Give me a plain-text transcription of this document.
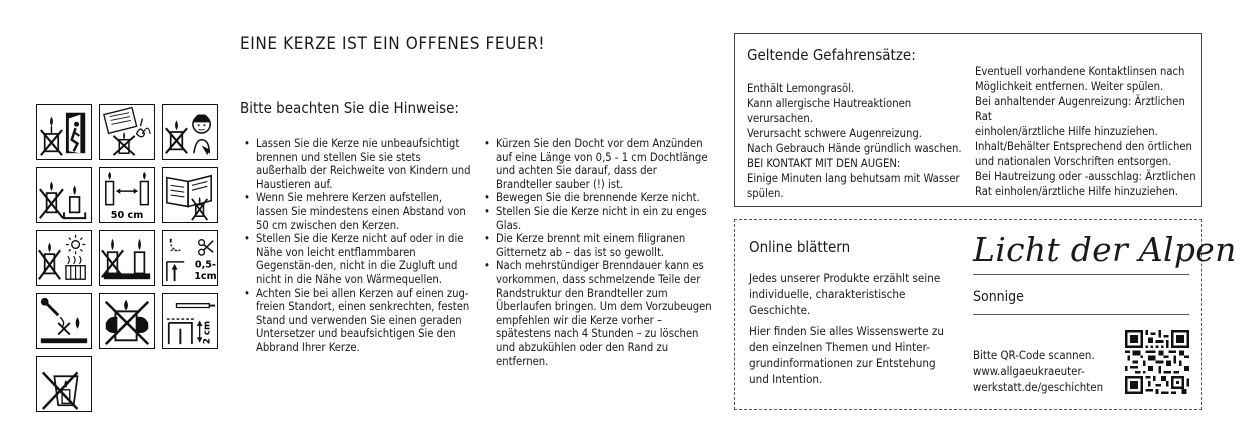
EINE KERZE IST EIN OFFENES FEUER!
50 cm
0,5-
1cm
2 cm
Bitte beachten Sie die Hinweise:
• Lassen Sie die Kerze nie unbeaufsichtigt brennen und stellen Sie sie stets außerhalb der Reichweite von Kindern und Haustieren auf.
• Wenn Sie mehrere Kerzen aufstellen, lassen Sie mindestens einen Abstand von 50 cm zwischen den Kerzen.
• Stellen Sie die Kerze nicht auf oder in die Nähe von leicht entflammbaren Gegenstän-den, nicht in die Zugluft und nicht in die Nähe von Wärmequellen.
• Achten Sie bei allen Kerzen auf einen zug-freien Standort, einen senkrechten, festen Stand und verwenden Sie einen geraden Untersetzer und beaufsichtigen Sie den Abbrand Ihrer Kerze.
• Kürzen Sie den Docht vor dem Anzünden auf eine Länge von 0,5 - 1 cm Dochtlänge und achten Sie darauf, dass der Brandteller sauber (!) ist.
• Bewegen Sie die brennende Kerze nicht.
• Stellen Sie die Kerze nicht in ein zu enges Glas.
• Die Kerze brennt mit einem filigranen Gitternetz ab – das ist so gewollt.
• Nach mehrstündiger Brenndauer kann es vorkommen, dass schmelzende Teile der Randstruktur den Brandteller zum Überlaufen bringen. Um dem Vorzubeugen empfehlen wir die Kerze vorher – spätestens nach 4 Stunden – zu löschen und abzukühlen oder den Rand zu entfernen.
Geltende Gefahrensätze:
Enthält Lemongrasöl.
Kann allergische Hautreaktionen verursachen.
Verursacht schwere Augenreizung.
Nach Gebrauch Hände gründlich waschen.
BEI KONTAKT MIT DEN AUGEN:
Einige Minuten lang behutsam mit Wasser
spülen.
Eventuell vorhandene Kontaktlinsen nach
Möglichkeit entfernen. Weiter spülen.
Bei anhaltender Augenreizung: Ärztlichen Rat
einholen/ärztliche Hilfe hinzuziehen.
Inhalt/Behälter Entsprechend den örtlichen
und nationalen Vorschriften entsorgen.
Bei Hautreizung oder -ausschlag: Ärztlichen
Rat einholen/ärztliche Hilfe hinzuziehen.
Online blättern
Jedes unserer Produkte erzählt seine
individuelle, charakteristische Geschichte.
Hier finden Sie alles Wissenswerte zu
den einzelnen Themen und Hinter-
grundinformationen zur Entstehung
und Intention.
Licht der Alpen
Sonnige
Bitte QR-Code scannen.
www.allgaeukraeuter-
werkstatt.de/geschichten
